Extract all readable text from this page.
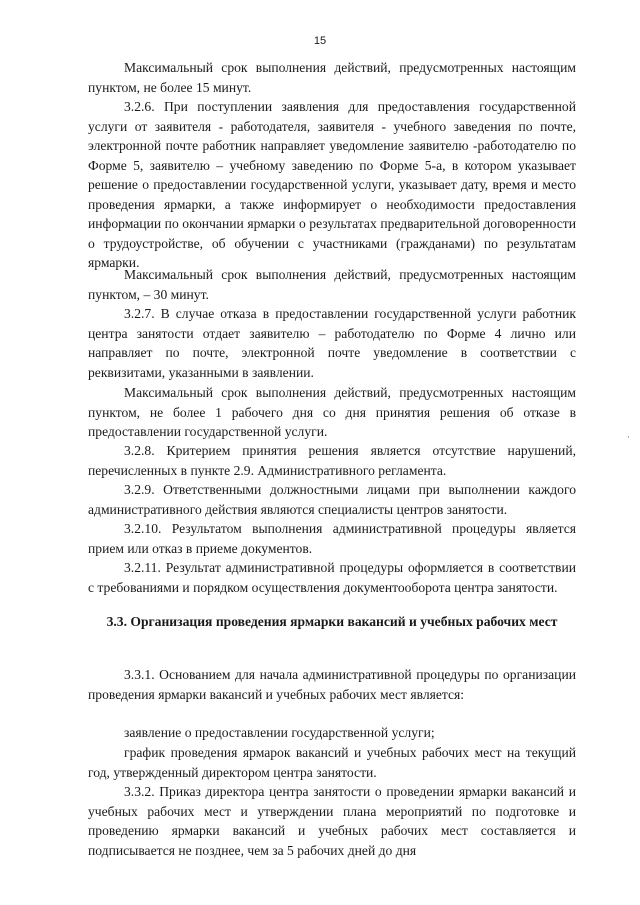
15

Максимальный срок выполнения действий, предусмотренных настоящим пунктом, не более 15 минут.

3.2.6. При поступлении заявления для предоставления государственной услуги от заявителя - работодателя, заявителя - учебного заведения по почте, электронной почте работник направляет уведомление заявителю -работодателю по Форме 5, заявителю – учебному заведению по Форме 5-а, в котором указывает решение о предоставлении государственной услуги, указывает дату, время и место проведения ярмарки, а также информирует о необходимости предоставления информации по окончании ярмарки о результатах предварительной договоренности о трудоустройстве, об обучении с участниками (гражданами) по результатам ярмарки.

Максимальный срок выполнения действий, предусмотренных настоящим пунктом, – 30 минут.

3.2.7. В случае отказа в предоставлении государственной услуги работник центра занятости отдает заявителю – работодателю по Форме 4 лично или направляет по почте, электронной почте уведомление в соответствии с реквизитами, указанными в заявлении.

Максимальный срок выполнения действий, предусмотренных настоящим пунктом, не более 1 рабочего дня со дня принятия решения об отказе в предоставлении государственной услуги.

3.2.8. Критерием принятия решения является отсутствие нарушений, перечисленных в пункте 2.9. Административного регламента.

3.2.9. Ответственными должностными лицами при выполнении каждого административного действия являются специалисты центров занятости.

3.2.10. Результатом выполнения административной процедуры является прием или отказ в приеме документов.

3.2.11. Результат административной процедуры оформляется в соответствии с требованиями и порядком осуществления документооборота центра занятости.

3.3. Организация проведения ярмарки вакансий и учебных рабочих мест

3.3.1. Основанием для начала административной процедуры по организации проведения ярмарки вакансий и учебных рабочих мест является:

заявление о предоставлении государственной услуги;

график проведения ярмарок вакансий и учебных рабочих мест на текущий год, утвержденный директором центра занятости.

3.3.2. Приказ директора центра занятости о проведении ярмарки вакансий и учебных рабочих мест и утверждении плана мероприятий по подготовке и проведению ярмарки вакансий и учебных рабочих мест составляется и подписывается не позднее, чем за 5 рабочих дней до дня

·
